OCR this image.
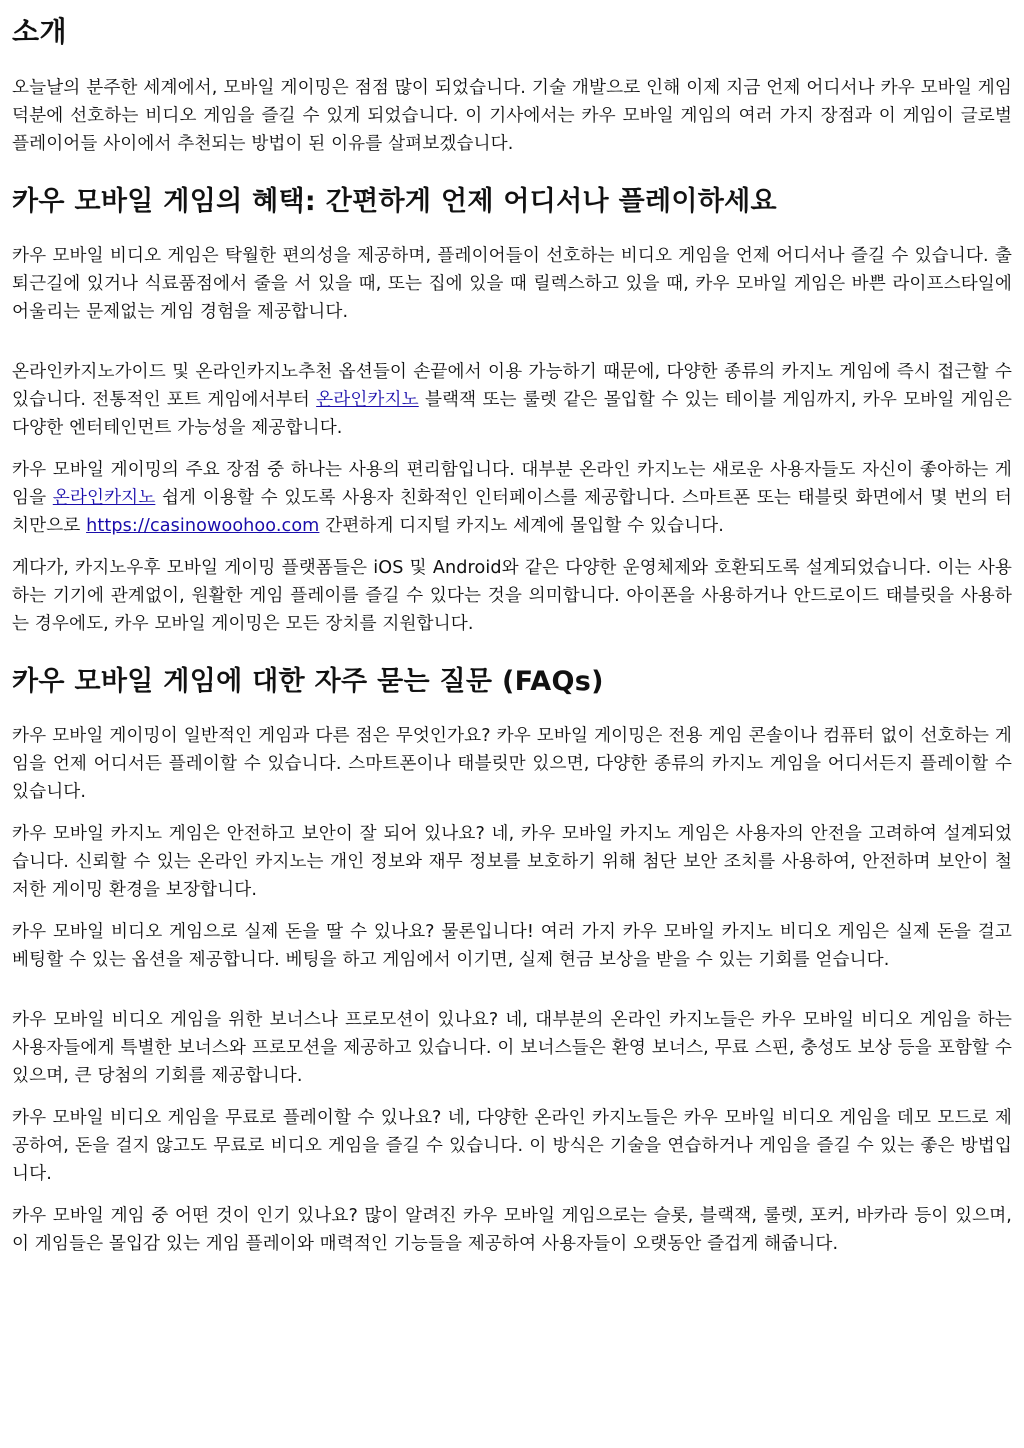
소개

오늘날의 분주한 세계에서, 모바일 게이밍은 점점 많이 되었습니다. 기술 개발으로 인해 이제 지금 언제 어디서나 카우 모바일 게임 덕분에 선호하는 비디오 게임을 즐길 수 있게 되었습니다. 이 기사에서는 카우 모바일 게임의 여러 가지 장점과 이 게임이 글로벌 플레이어들 사이에서 추천되는 방법이 된 이유를 살펴보겠습니다.

카우 모바일 게임의 혜택: 간편하게 언제 어디서나 플레이하세요

카우 모바일 비디오 게임은 탁월한 편의성을 제공하며, 플레이어들이 선호하는 비디오 게임을 언제 어디서나 즐길 수 있습니다. 출퇴근길에 있거나 식료품점에서 줄을 서 있을 때, 또는 집에 있을 때 릴렉스하고 있을 때, 카우 모바일 게임은 바쁜 라이프스타일에 어울리는 문제없는 게임 경험을 제공합니다.

온라인카지노가이드 및 온라인카지노추천 옵션들이 손끝에서 이용 가능하기 때문에, 다양한 종류의 카지노 게임에 즉시 접근할 수 있습니다. 전통적인 포트 게임에서부터 온라인카지노 블랙잭 또는 룰렛 같은 몰입할 수 있는 테이블 게임까지, 카우 모바일 게임은 다양한 엔터테인먼트 가능성을 제공합니다.

카우 모바일 게이밍의 주요 장점 중 하나는 사용의 편리함입니다. 대부분 온라인 카지노는 새로운 사용자들도 자신이 좋아하는 게임을 온라인카지노 쉽게 이용할 수 있도록 사용자 친화적인 인터페이스를 제공합니다. 스마트폰 또는 태블릿 화면에서 몇 번의 터치만으로 https://casinowoohoo.com 간편하게 디지털 카지노 세계에 몰입할 수 있습니다.

게다가, 카지노우후 모바일 게이밍 플랫폼들은 iOS 및 Android와 같은 다양한 운영체제와 호환되도록 설계되었습니다. 이는 사용하는 기기에 관계없이, 원활한 게임 플레이를 즐길 수 있다는 것을 의미합니다. 아이폰을 사용하거나 안드로이드 태블릿을 사용하는 경우에도, 카우 모바일 게이밍은 모든 장치를 지원합니다.

카우 모바일 게임에 대한 자주 묻는 질문 (FAQs)

카우 모바일 게이밍이 일반적인 게임과 다른 점은 무엇인가요? 카우 모바일 게이밍은 전용 게임 콘솔이나 컴퓨터 없이 선호하는 게임을 언제 어디서든 플레이할 수 있습니다. 스마트폰이나 태블릿만 있으면, 다양한 종류의 카지노 게임을 어디서든지 플레이할 수 있습니다.

카우 모바일 카지노 게임은 안전하고 보안이 잘 되어 있나요? 네, 카우 모바일 카지노 게임은 사용자의 안전을 고려하여 설계되었습니다. 신뢰할 수 있는 온라인 카지노는 개인 정보와 재무 정보를 보호하기 위해 첨단 보안 조치를 사용하여, 안전하며 보안이 철저한 게이밍 환경을 보장합니다.

카우 모바일 비디오 게임으로 실제 돈을 딸 수 있나요? 물론입니다! 여러 가지 카우 모바일 카지노 비디오 게임은 실제 돈을 걸고 베팅할 수 있는 옵션을 제공합니다. 베팅을 하고 게임에서 이기면, 실제 현금 보상을 받을 수 있는 기회를 얻습니다.

카우 모바일 비디오 게임을 위한 보너스나 프로모션이 있나요? 네, 대부분의 온라인 카지노들은 카우 모바일 비디오 게임을 하는 사용자들에게 특별한 보너스와 프로모션을 제공하고 있습니다. 이 보너스들은 환영 보너스, 무료 스핀, 충성도 보상 등을 포함할 수 있으며, 큰 당첨의 기회를 제공합니다.

카우 모바일 비디오 게임을 무료로 플레이할 수 있나요? 네, 다양한 온라인 카지노들은 카우 모바일 비디오 게임을 데모 모드로 제공하여, 돈을 걸지 않고도 무료로 비디오 게임을 즐길 수 있습니다. 이 방식은 기술을 연습하거나 게임을 즐길 수 있는 좋은 방법입니다.

카우 모바일 게임 중 어떤 것이 인기 있나요? 많이 알려진 카우 모바일 게임으로는 슬롯, 블랙잭, 룰렛, 포커, 바카라 등이 있으며, 이 게임들은 몰입감 있는 게임 플레이와 매력적인 기능들을 제공하여 사용자들이 오랫동안 즐겁게 해줍니다.
